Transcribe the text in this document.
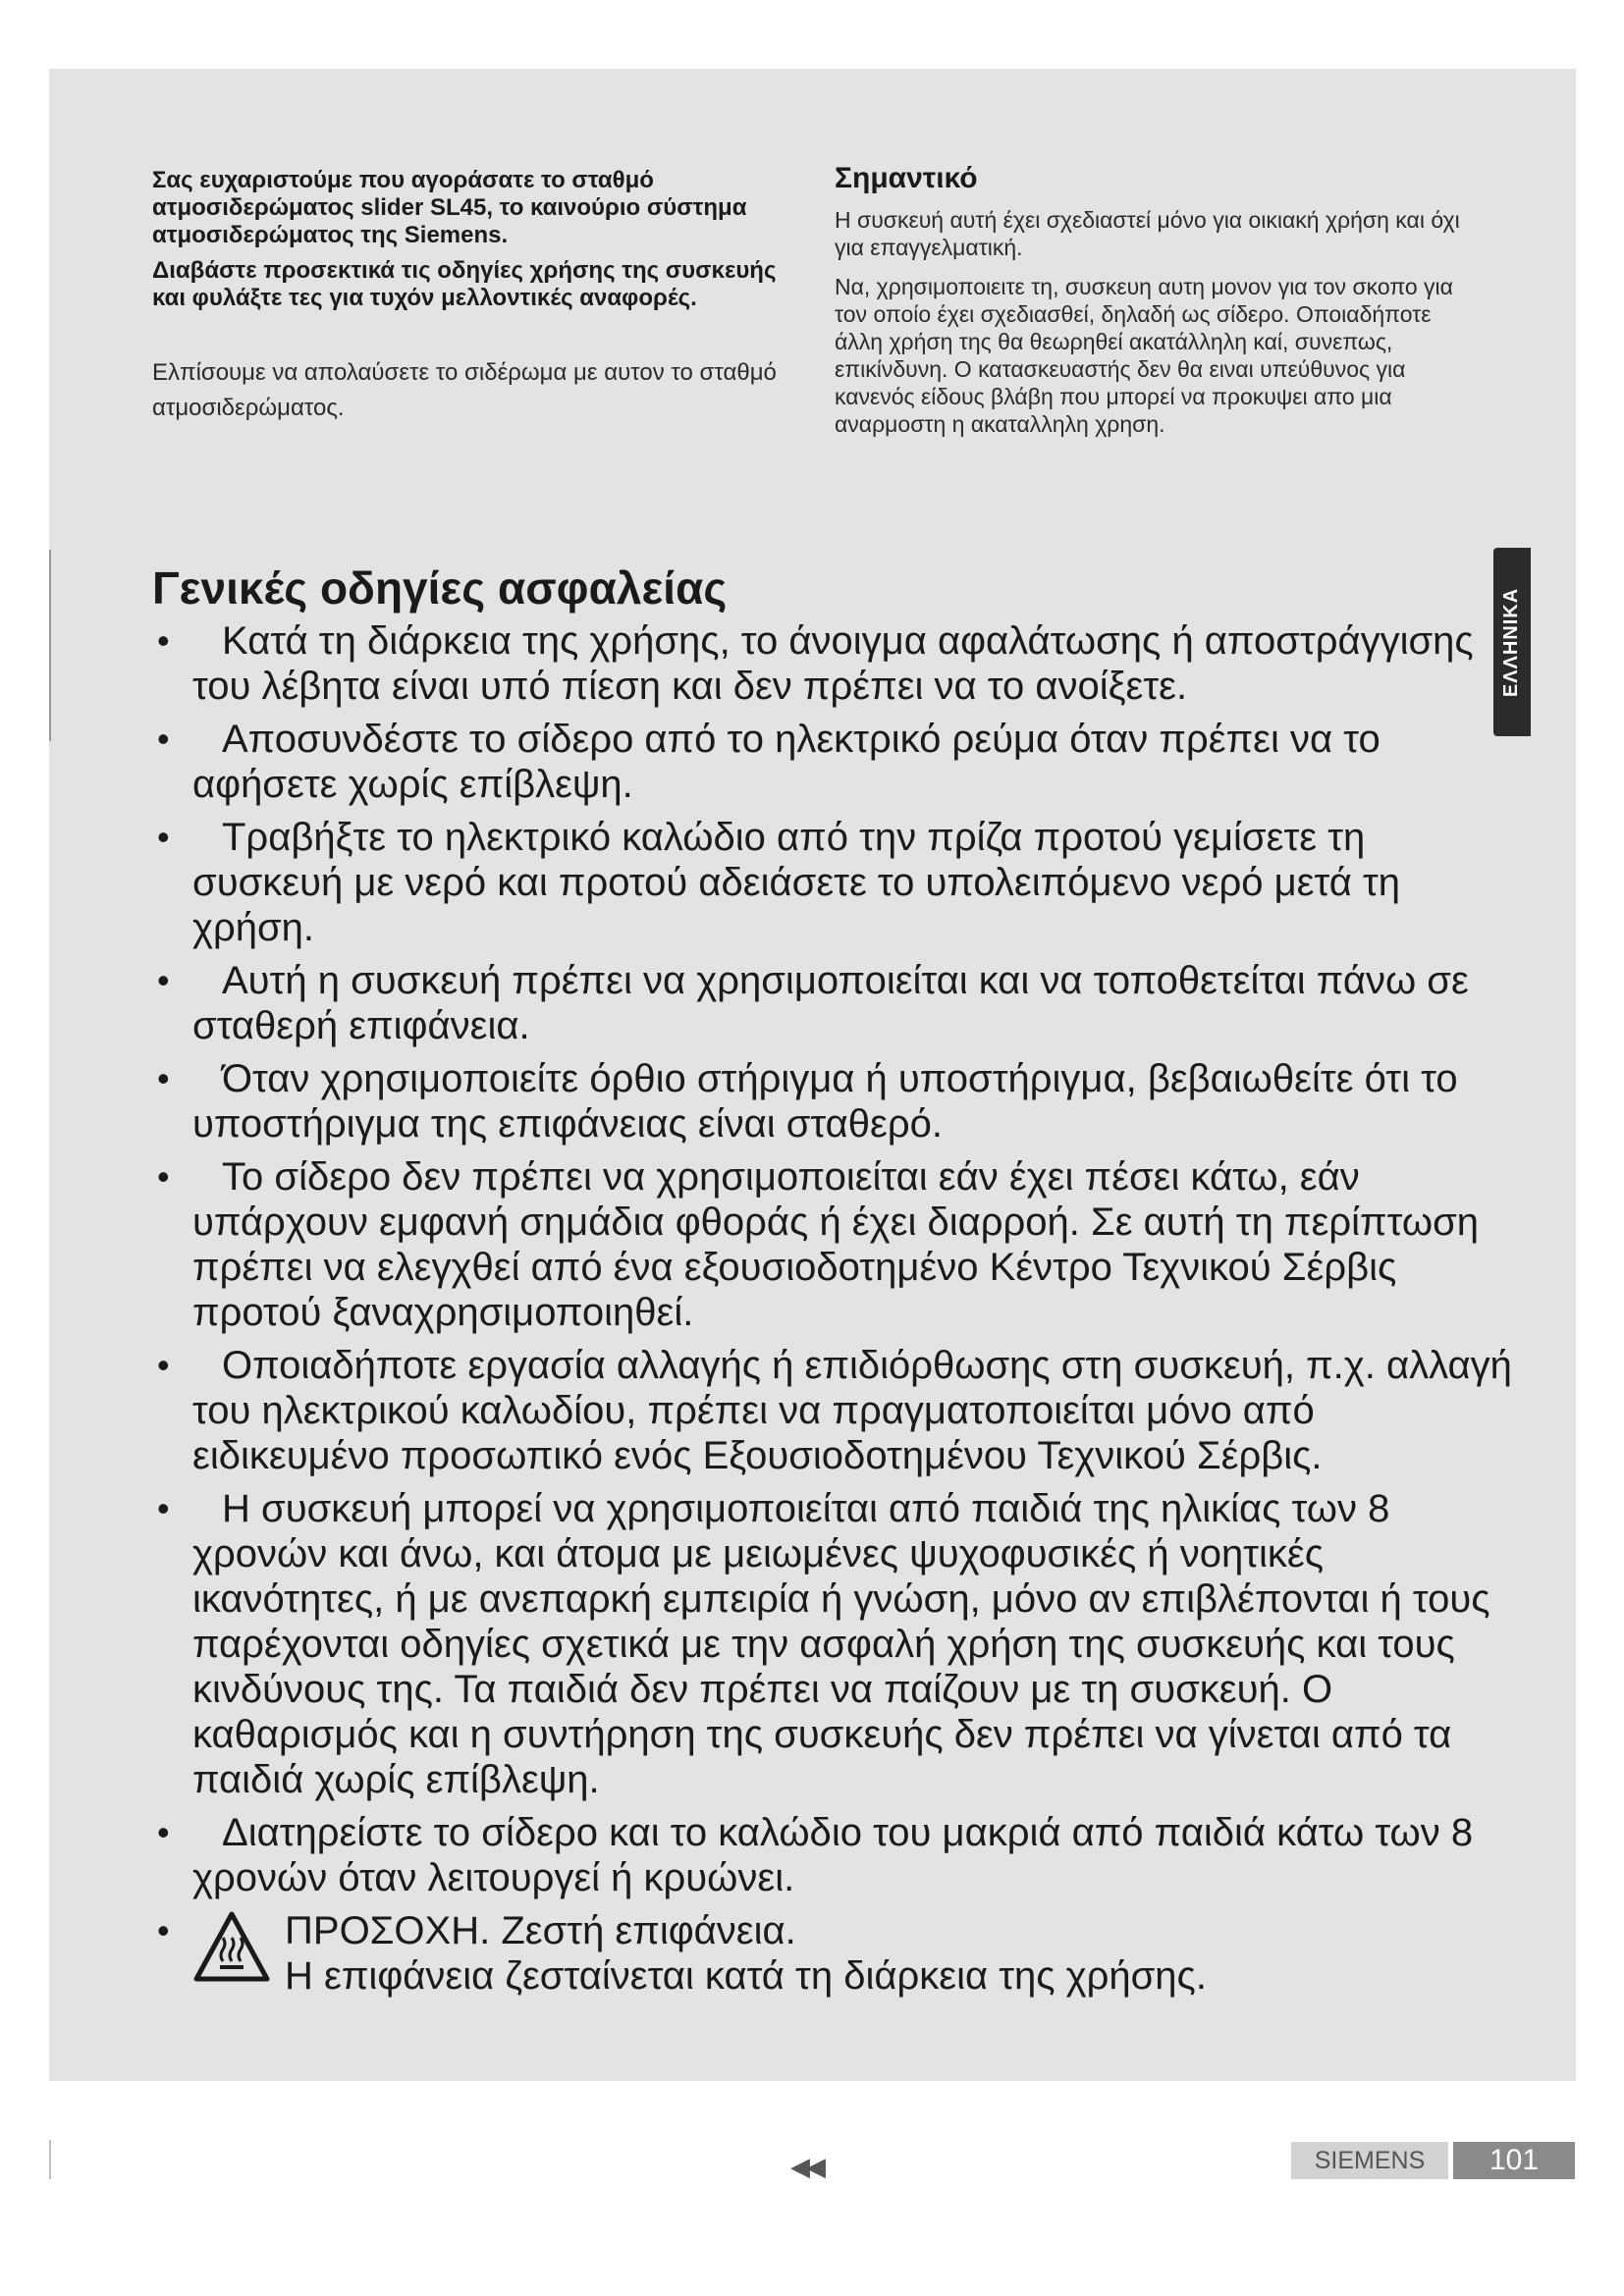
Σας ευχαριστούμε που αγοράσατε το σταθμό ατμοσιδερώματος slider SL45, το καινούριο σύστημα ατμοσιδερώματος της Siemens.

Διαβάστε προσεκτικά τις οδηγίες χρήσης της συσκευής και φυλάξτε τες για τυχόν μελλοντικές αναφορές.

Ελπίσουμε να απολαύσετε το σιδέρωμα με αυτον το σταθμό ατμοσιδερώματος.

Σημαντικό

Η συσκευή αυτή έχει σχεδιαστεί μόνο για οικιακή χρήση και όχι για επαγγελματική.

Να, χρησιμοποιειτε τη, συσκευη αυτη μονον για τον σκοπο για τον οποίο έχει σχεδιασθεί, δηλαδή ως σίδερο. Οποιαδήποτε άλλη χρήση της θα θεωρηθεί ακατάλληλη καί, συνεπως, επικίνδυνη. Ο κατασκευαστής δεν θα ειναι υπεύθυνος για κανενός είδους βλάβη που μπορεί να προκυψει απο μια αναρμοστη η ακαταλληλη χρηση.

ΕΛΛΗΝΙΚΑ
Γενικές οδηγίες ασφαλείας
•	Κατά τη διάρκεια της χρήσης, το άνοιγμα αφαλάτωσης ή αποστράγγισης του λέβητα είναι υπό πίεση και δεν πρέπει να το ανοίξετε.
•	Αποσυνδέστε το σίδερο από το ηλεκτρικό ρεύμα όταν πρέπει να το αφήσετε χωρίς επίβλεψη.
•	Τραβήξτε το ηλεκτρικό καλώδιο από την πρίζα προτού γεμίσετε τη συσκευή με νερό και προτού αδειάσετε το υπολειπόμενο νερό μετά τη χρήση.
•	Αυτή η συσκευή πρέπει να χρησιμοποιείται και να τοποθετείται πάνω σε σταθερή επιφάνεια.
•	Όταν χρησιμοποιείτε όρθιο στήριγμα ή υποστήριγμα, βεβαιωθείτε ότι το υποστήριγμα της επιφάνειας είναι σταθερό.
•	Το σίδερο δεν πρέπει να χρησιμοποιείται εάν έχει πέσει κάτω, εάν υπάρχουν εμφανή σημάδια φθοράς ή έχει διαρροή. Σε αυτή τη περίπτωση πρέπει να ελεγχθεί από ένα εξουσιοδοτημένο Κέντρο Τεχνικού Σέρβις προτού ξαναχρησιμοποιηθεί.
•	Οποιαδήποτε εργασία αλλαγής ή επιδιόρθωσης στη συσκευή, π.χ. αλλαγή του ηλεκτρικού καλωδίου, πρέπει να πραγματοποιείται μόνο από ειδικευμένο προσωπικό ενός Εξουσιοδοτημένου Τεχνικού Σέρβις.
•	Η συσκευή μπορεί να χρησιμοποιείται από παιδιά της ηλικίας των 8 χρονών και άνω, και άτομα με μειωμένες ψυχοφυσικές ή νοητικές ικανότητες, ή με ανεπαρκή εμπειρία ή γνώση, μόνο αν επιβλέπονται ή τους παρέχονται οδηγίες σχετικά με την ασφαλή χρήση της συσκευής και τους κινδύνους της. Τα παιδιά δεν πρέπει να παίζουν με τη συσκευή. Ο καθαρισμός και η συντήρηση της συσκευής δεν πρέπει να γίνεται από τα παιδιά χωρίς επίβλεψη.
•	Διατηρείστε το σίδερο και το καλώδιο του μακριά από παιδιά κάτω των 8 χρονών όταν λειτουργεί ή κρυώνει.
•	ΠΡΟΣΟΧΗ. Ζεστή επιφάνεια.
Η επιφάνεια ζεσταίνεται κατά τη διάρκεια της χρήσης.
◀◀	SIEMENS	101
